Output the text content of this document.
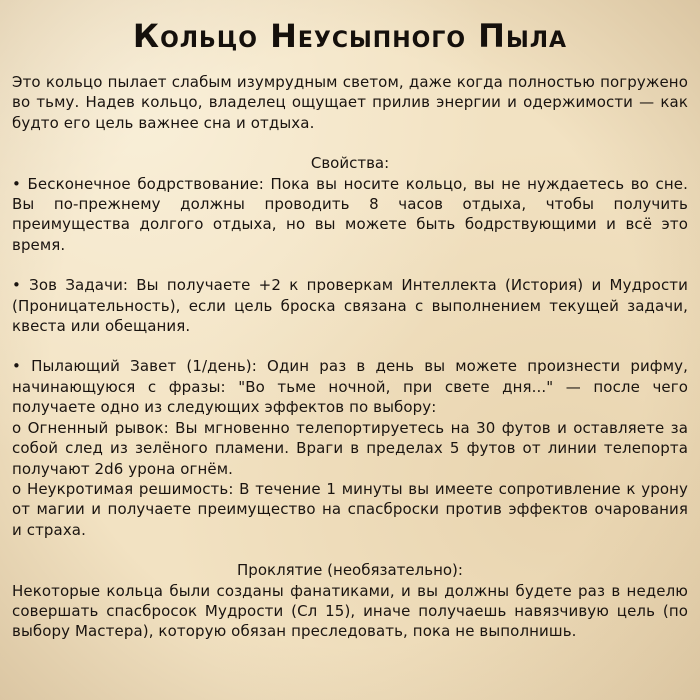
Кольцо Неусыпного Пыла

Это кольцо пылает слабым изумрудным светом, даже когда полностью погружено во тьму. Надев кольцо, владелец ощущает прилив энергии и одержимости — как будто его цель важнее сна и отдыха.

Свойства:

• Бесконечное бодрствование: Пока вы носите кольцо, вы не нуждаетесь во сне. Вы по-прежнему должны проводить 8 часов отдыха, чтобы получить преимущества долгого отдыха, но вы можете быть бодрствующими и всё это время.

• Зов Задачи: Вы получаете +2 к проверкам Интеллекта (История) и Мудрости (Проницательность), если цель броска связана с выполнением текущей задачи, квеста или обещания.

• Пылающий Завет (1/день): Один раз в день вы можете произнести рифму, начинающуюся с фразы: "Во тьме ночной, при свете дня..." — после чего получаете одно из следующих эффектов по выбору:

o Огненный рывок: Вы мгновенно телепортируетесь на 30 футов и оставляете за собой след из зелёного пламени. Враги в пределах 5 футов от линии телепорта получают 2d6 урона огнём.

o Неукротимая решимость: В течение 1 минуты вы имеете сопротивление к урону от магии и получаете преимущество на спасброски против эффектов очарования и страха.

Проклятие (необязательно):

Некоторые кольца были созданы фанатиками, и вы должны будете раз в неделю совершать спасбросок Мудрости (Сл 15), иначе получаешь навязчивую цель (по выбору Мастера), которую обязан преследовать, пока не выполнишь.
